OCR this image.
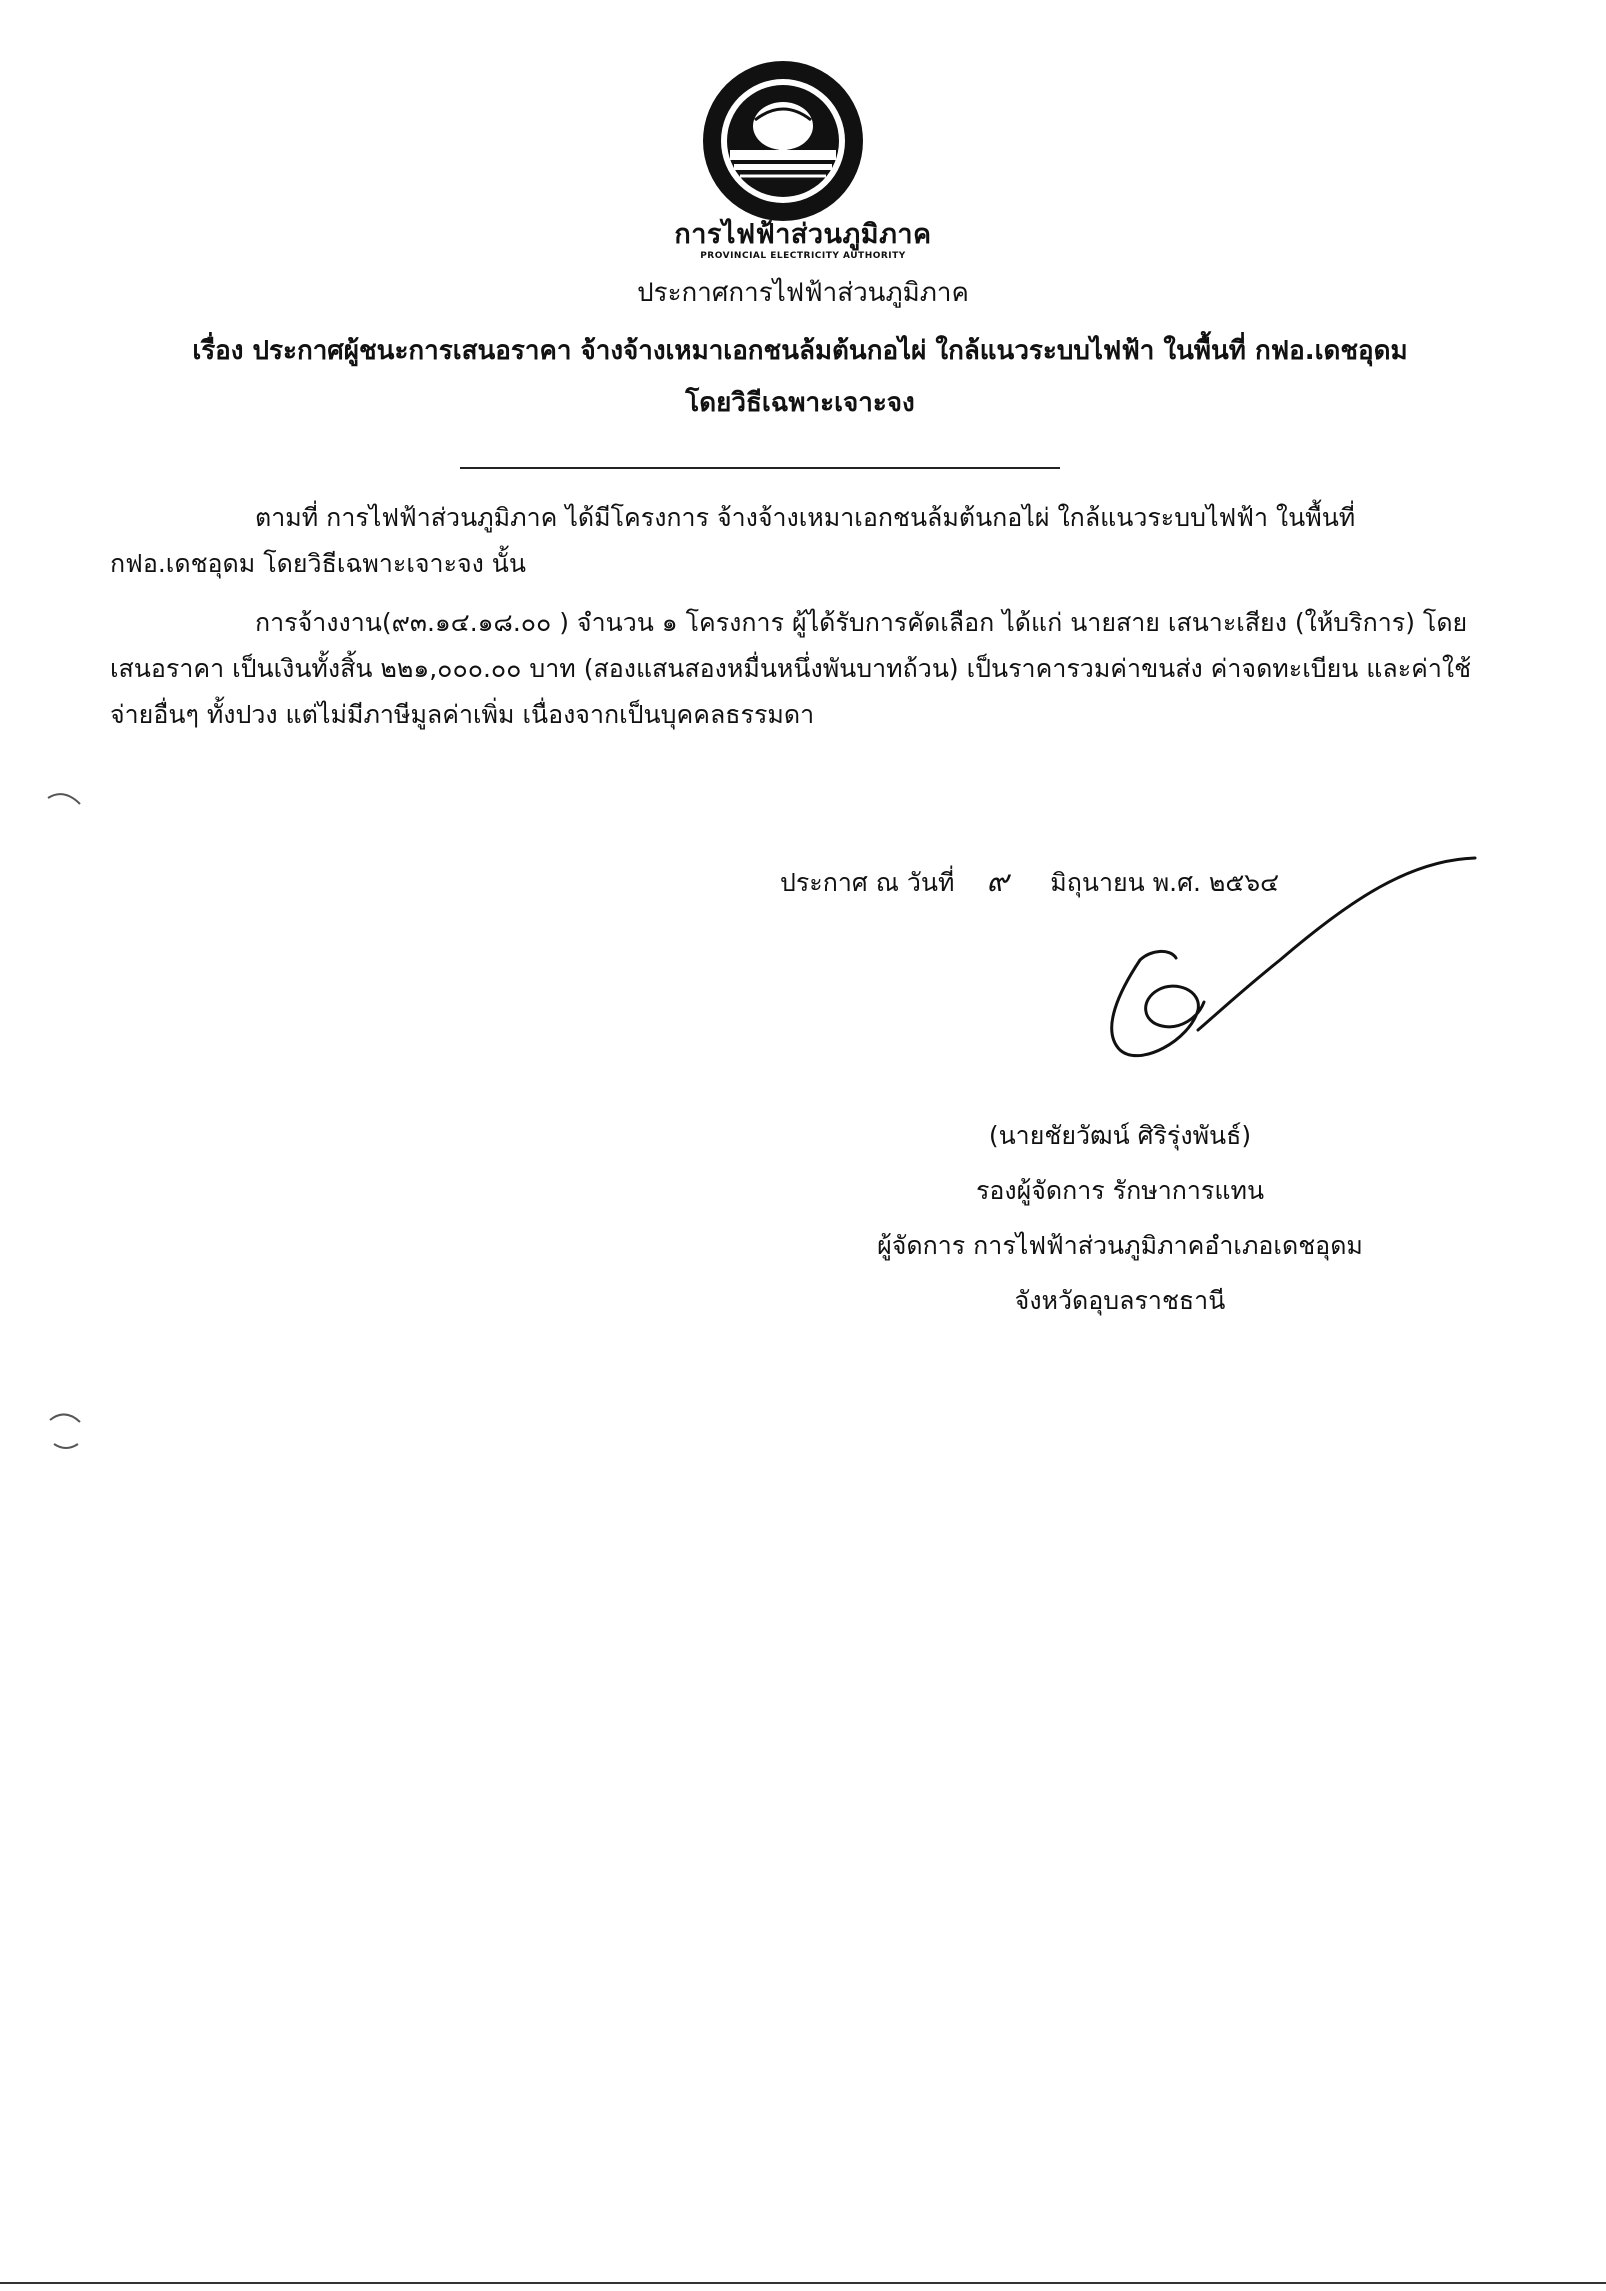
การไฟฟ้าส่วนภูมิภาค
PROVINCIAL ELECTRICITY AUTHORITY
ประกาศการไฟฟ้าส่วนภูมิภาค
เรื่อง ประกาศผู้ชนะการเสนอราคา จ้างจ้างเหมาเอกชนล้มต้นกอไผ่ ใกล้แนวระบบไฟฟ้า ในพื้นที่ กฟอ.เดชอุดม
โดยวิธีเฉพาะเจาะจง

ตามที่ การไฟฟ้าส่วนภูมิภาค ได้มีโครงการ จ้างจ้างเหมาเอกชนล้มต้นกอไผ่ ใกล้แนวระบบไฟฟ้า ในพื้นที่ กฟอ.เดชอุดม โดยวิธีเฉพาะเจาะจง นั้น

การจ้างงาน(๙๓.๑๔.๑๘.๐๐ ) จำนวน ๑ โครงการ ผู้ได้รับการคัดเลือก ได้แก่ นายสาย เสนาะเสียง (ให้บริการ) โดยเสนอราคา เป็นเงินทั้งสิ้น ๒๒๑,๐๐๐.๐๐ บาท (สองแสนสองหมื่นหนึ่งพันบาทถ้วน) เป็นราคารวมค่าขนส่ง ค่าจดทะเบียน และค่าใช้จ่ายอื่นๆ ทั้งปวง แต่ไม่มีภาษีมูลค่าเพิ่ม เนื่องจากเป็นบุคคลธรรมดา

ประกาศ ณ วันที่ ๙ มิถุนายน พ.ศ. ๒๕๖๔
(นายชัยวัฒน์ ศิริรุ่งพันธ์)
รองผู้จัดการ รักษาการแทน
ผู้จัดการ การไฟฟ้าส่วนภูมิภาคอำเภอเดชอุดม
จังหวัดอุบลราชธานี
